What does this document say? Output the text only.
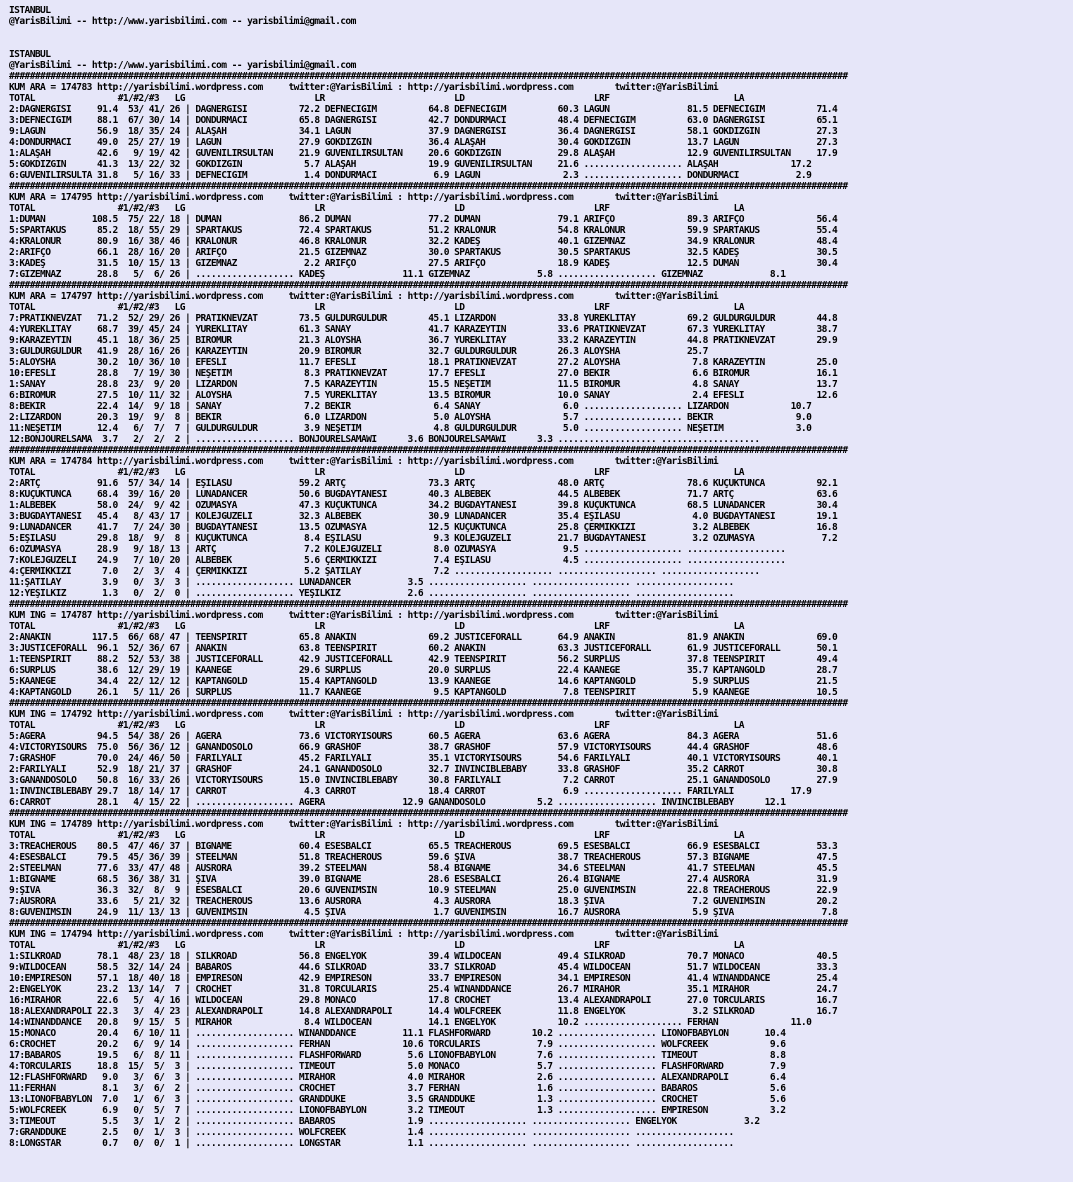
ISTANBUL
@YarisBilimi -- http://www.yarisbilimi.com -- yarisbilimi@gmail.com

ISTANBUL
@YarisBilimi -- http://www.yarisbilimi.com -- yarisbilimi@gmail.com
##################################################################################################################################################################
KUM ARA = 174783 http://yarisbilimi.wordpress.com     twitter:@YarisBilimi : http://yarisbilimi.wordpress.com        twitter:@YarisBilimi
TOTAL                #1/#2/#3   LG                         LR                         LD                         LRF                        LA
2:DAĞNERGİSİ     91.4  53/ 41/ 26 | DAĞNERGİSİ          72.2 DEFNECİĞİM          64.8 DEFNECİĞİM          60.3 LAGÜN               81.5 DEFNECİĞİM          71.4
3:DEFNECİĞİM     88.1  67/ 30/ 14 | DONDURMACI          65.8 DAĞNERGİSİ          42.7 DONDURMACI          48.4 DEFNECİĞİM          63.0 DAĞNERGİSİ          65.1
9:LAGÜN          56.9  18/ 35/ 24 | ALAŞAH              34.1 LAGÜN               37.9 DAĞNERGİSİ          36.4 DAĞNERGİSİ          58.1 GÖKDİZGİN           27.3
4:DONDURMACI     49.0  25/ 27/ 19 | LAGÜN               27.9 GÖKDİZGİN           36.4 ALAŞAH              30.4 GÖKDİZGİN           13.7 LAGÜN               27.3
1:ALAŞAH         42.6   9/ 19/ 42 | GÜVENİLİRSULTAN     21.9 GÜVENİLİRSULTAN     20.6 GÖKDİZGİN           29.8 ALAŞAH              12.9 GÜVENİLİRSULTAN     17.9
5:GÖKDİZGİN      41.3  13/ 22/ 32 | GÖKDİZGİN            5.7 ALAŞAH              19.9 GÜVENİLİRSULTAN     21.6 ................... ALAŞAH              17.2
6:GÜVENİLİRSULTA 31.8   5/ 16/ 33 | DEFNECİĞİM           1.4 DONDURMACI           6.9 LAGÜN                2.3 ................... DONDURMACI           2.9
##################################################################################################################################################################
KUM ARA = 174795 http://yarisbilimi.wordpress.com     twitter:@YarisBilimi : http://yarisbilimi.wordpress.com        twitter:@YarisBilimi
TOTAL                #1/#2/#3   LG                         LR                         LD                         LRF                        LA
1:DUMAN         108.5  75/ 22/ 18 | DUMAN               86.2 DUMAN               77.2 DUMAN               79.1 ARİFÇO              89.3 ARİFÇO              56.4
5:SPARTAKÜS      85.2  18/ 55/ 29 | SPARTAKÜS           72.4 SPARTAKÜS           51.2 KRALONUR            54.8 KRALONUR            59.9 SPARTAKÜS           55.4
4:KRALONUR       80.9  16/ 38/ 46 | KRALONUR            46.8 KRALONUR            32.2 KADEŞ               40.1 GİZEMNAZ            34.9 KRALONUR            48.4
2:ARİFÇO         66.1  28/ 16/ 20 | ARİFÇO              21.5 GİZEMNAZ            30.0 SPARTAKÜS           30.5 SPARTAKÜS           32.5 KADEŞ               30.5
3:KADEŞ          31.5  10/ 15/ 13 | GİZEMNAZ             2.2 ARİFÇO              27.5 ARİFÇO              18.9 KADEŞ               12.5 DUMAN               30.4
7:GİZEMNAZ       28.8   5/  6/ 26 | ................... KADEŞ               11.1 GİZEMNAZ             5.8 ................... GİZEMNAZ             8.1
##################################################################################################################################################################
KUM ARA = 174797 http://yarisbilimi.wordpress.com     twitter:@YarisBilimi : http://yarisbilimi.wordpress.com        twitter:@YarisBilimi
TOTAL                #1/#2/#3   LG                         LR                         LD                         LRF                        LA
7:PRATİKNEVZAT   71.2  52/ 29/ 26 | PRATİKNEVZAT        73.5 GÜLDÜRGÜLDÜR        45.1 LİZARDON            33.8 YÜREKLİTAY          69.2 GÜLDÜRGÜLDÜR        44.8
4:YÜREKLİTAY     68.7  39/ 45/ 24 | YÜREKLİTAY          61.3 SANAY               41.7 KARAZEYTİN          33.6 PRATİKNEVZAT        67.3 YÜREKLİTAY          38.7
9:KARAZEYTİN     45.1  18/ 36/ 25 | BİRÖMÜR             21.3 ALOYSHA             36.7 YÜREKLİTAY          33.2 KARAZEYTİN          44.8 PRATİKNEVZAT        29.9
3:GÜLDÜRGÜLDÜR   41.9  28/ 16/ 26 | KARAZEYTİN          20.9 BİRÖMÜR             32.7 GÜLDÜRGÜLDÜR        26.3 ALOYSHA             25.7
5:ALOYSHA        30.2  10/ 36/ 10 | EFESLİ              11.7 EFESLİ              18.1 PRATİKNEVZAT        27.2 ALOYSHA              7.8 KARAZEYTİN          25.0
10:EFESLİ        28.8   7/ 19/ 30 | NEŞETİM              8.3 PRATİKNEVZAT        17.7 EFESLİ              27.0 BEKİR                6.6 BİRÖMÜR             16.1
1:SANAY          28.8  23/  9/ 20 | LİZARDON             7.5 KARAZEYTİN          15.5 NEŞETİM             11.5 BİRÖMÜR              4.8 SANAY               13.7
6:BİRÖMÜR        27.5  10/ 11/ 32 | ALOYSHA              7.5 YÜREKLİTAY          13.5 BİRÖMÜR             10.0 SANAY                2.4 EFESLİ              12.6
8:BEKİR          22.4  14/  9/ 18 | SANAY                7.2 BEKİR                6.4 SANAY                6.0 ................... LİZARDON            10.7
2:LİZARDON       20.3  19/  9/  8 | BEKİR                6.0 LİZARDON             5.0 ALOYSHA              5.7 ................... BEKİR                9.0
11:NEŞETİM       12.4   6/  7/  7 | GÜLDÜRGÜLDÜR         3.9 NEŞETİM              4.8 GÜLDÜRGÜLDÜR         5.0 ................... NEŞETİM              3.0
12:BONJOURELSAMA  3.7   2/  2/  2 | ................... BONJOURELSAMAWİ      3.6 BONJOURELSAMAWİ      3.3 ................... ...................
##################################################################################################################################################################
KUM ARA = 174784 http://yarisbilimi.wordpress.com     twitter:@YarisBilimi : http://yarisbilimi.wordpress.com        twitter:@YarisBilimi
TOTAL                #1/#2/#3   LG                         LR                         LD                         LRF                        LA
2:ARTÇ           91.6  57/ 34/ 14 | EŞİLASU             59.2 ARTÇ                73.3 ARTÇ                48.0 ARTÇ                78.6 KÜÇÜKTUNCA          92.1
8:KÜÇÜKTUNCA     68.4  39/ 16/ 20 | LUNADANCER          50.6 BUĞDAYTANESİ        40.3 ALBEBEK             44.5 ALBEBEK             71.7 ARTÇ                63.6
1:ALBEBEK        58.0  24/  9/ 42 | ÖZÜMASYA            47.3 KÜÇÜKTUNCA          34.2 BUĞDAYTANESİ        39.8 KÜÇÜKTUNCA          68.5 LUNADANCER          30.4
3:BUĞDAYTANESİ   45.4   8/ 43/ 17 | KOLEJGÜZELİ         32.3 ALBEBEK             30.9 LUNADANCER          35.4 EŞİLASU              4.0 BUĞDAYTANESİ        19.1
9:LUNADANCER     41.7   7/ 24/ 30 | BUĞDAYTANESİ        13.5 ÖZÜMASYA            12.5 KÜÇÜKTUNCA          25.8 ÇERMİKKIZI           3.2 ALBEBEK             16.8
5:EŞİLASU        29.8  18/  9/  8 | KÜÇÜKTUNCA           8.4 EŞİLASU              9.3 KOLEJGÜZELİ         21.7 BUĞDAYTANESİ         3.2 ÖZÜMASYA             7.2
6:ÖZÜMASYA       28.9   9/ 18/ 13 | ARTÇ                 7.2 KOLEJGÜZELİ          8.0 ÖZÜMASYA             9.5 ................... ...................
7:KOLEJGÜZELİ    24.9   7/ 10/ 20 | ALBEBEK              5.6 ÇERMİKKIZI           7.4 EŞİLASU              4.5 ................... ...................
4:ÇERMİKKIZI      7.0   2/  3/  4 | ÇERMİKKIZI           5.2 ŞATILAY              7.2 ................... ................... ...................
11:ŞATILAY        3.9   0/  3/  3 | ................... LUNADANCER           3.5 ................... ................... ...................
12:YEŞİLKIZ       1.3   0/  2/  0 | ................... YEŞİLKIZ             2.6 ................... ................... ...................
##################################################################################################################################################################
KUM ING = 174787 http://yarisbilimi.wordpress.com     twitter:@YarisBilimi : http://yarisbilimi.wordpress.com        twitter:@YarisBilimi
TOTAL                #1/#2/#3   LG                         LR                         LD                         LRF                        LA
2:ANAKIN        117.5  66/ 68/ 47 | TEENSPIRIT          65.8 ANAKIN              69.2 JUSTICEFORALL       64.9 ANAKIN              81.9 ANAKIN              69.0
3:JUSTICEFORALL  96.1  52/ 36/ 67 | ANAKIN              63.8 TEENSPIRIT          60.2 ANAKIN              63.3 JUSTICEFORALL       61.9 JUSTICEFORALL       50.1
1:TEENSPIRIT     88.2  52/ 53/ 38 | JUSTICEFORALL       42.9 JUSTICEFORALL       42.9 TEENSPIRIT          56.2 SURPLUS             37.8 TEENSPIRIT          49.4
6:SURPLUS        38.6  12/ 29/ 19 | KAANEGE             29.6 SURPLUS             20.0 SURPLUS             22.4 KAANEGE             35.7 KAPTANGOLD          28.7
5:KAANEGE        34.4  22/ 12/ 12 | KAPTANGOLD          15.4 KAPTANGOLD          13.9 KAANEGE             14.6 KAPTANGOLD           5.9 SURPLUS             21.5
4:KAPTANGOLD     26.1   5/ 11/ 26 | SURPLUS             11.7 KAANEGE              9.5 KAPTANGOLD           7.8 TEENSPIRIT           5.9 KAANEGE             10.5
##################################################################################################################################################################
KUM ING = 174792 http://yarisbilimi.wordpress.com     twitter:@YarisBilimi : http://yarisbilimi.wordpress.com        twitter:@YarisBilimi
TOTAL                #1/#2/#3   LG                         LR                         LD                         LRF                        LA
5:AGERA          94.5  54/ 38/ 26 | AGERA               73.6 VICTORYISOURS       60.5 AGERA               63.6 AGERA               84.3 AGERA               51.6
4:VICTORYISOURS  75.0  56/ 36/ 12 | GANANDOSOLO         66.9 GRASHOF             38.7 GRASHOF             57.9 VICTORYISOURS       44.4 GRASHOF             48.6
7:GRASHOF        70.0  24/ 46/ 50 | FARİLYALİ           45.2 FARİLYALİ           35.1 VICTORYISOURS       54.6 FARİLYALİ           40.1 VICTORYISOURS       40.1
2:FARİLYALİ      52.9  18/ 21/ 37 | GRASHOF             24.1 GANANDOSOLO         32.7 INVINCIBLEBABY      33.8 GRASHOF             35.2 CARROT              30.8
3:GANANDOSOLO    50.8  16/ 33/ 26 | VICTORYISOURS       15.0 INVINCIBLEBABY      30.8 FARİLYALİ            7.2 CARROT              25.1 GANANDOSOLO         27.9
1:INVINCIBLEBABY 29.7  18/ 14/ 17 | CARROT               4.3 CARROT              18.4 CARROT               6.9 ................... FARİLYALİ           17.9
6:CARROT         28.1   4/ 15/ 22 | ................... AGERA               12.9 GANANDOSOLO          5.2 ................... INVINCIBLEBABY      12.1
##################################################################################################################################################################
KUM ING = 174789 http://yarisbilimi.wordpress.com     twitter:@YarisBilimi : http://yarisbilimi.wordpress.com        twitter:@YarisBilimi
TOTAL                #1/#2/#3   LG                         LR                         LD                         LRF                        LA
3:TREACHEROUS    80.5  47/ 46/ 37 | BIGNAME             60.4 ESESBALCI           65.5 TREACHEROUS         69.5 ESESBALCI           66.9 ESESBALCI           53.3
4:ESESBALCI      79.5  45/ 36/ 39 | STEELMAN            51.8 TREACHEROUS         59.6 ŞİVA                38.7 TREACHEROUS         57.3 BIGNAME             47.5
2:STEELMAN       77.6  33/ 47/ 48 | AUSRORA             39.2 STEELMAN            58.4 BIGNAME             34.6 STEELMAN            41.7 STEELMAN            45.5
1:BIGNAME        68.5  36/ 38/ 31 | ŞİVA                39.0 BIGNAME             28.6 ESESBALCI           26.4 BIGNAME             27.4 AUSRORA             31.9
9:ŞİVA           36.3  32/  8/  9 | ESESBALCI           20.6 GÜVENİMSİN          10.9 STEELMAN            25.0 GÜVENİMSİN          22.8 TREACHEROUS         22.9
7:AUSRORA        33.6   5/ 21/ 32 | TREACHEROUS         13.6 AUSRORA              4.3 AUSRORA             18.3 ŞİVA                 7.2 GÜVENİMSİN          20.2
8:GÜVENİMSİN     24.9  11/ 13/ 13 | GÜVENİMSİN           4.5 ŞİVA                 1.7 GÜVENİMSİN          16.7 AUSRORA              5.9 ŞİVA                 7.8
##################################################################################################################################################################
KUM ING = 174794 http://yarisbilimi.wordpress.com     twitter:@YarisBilimi : http://yarisbilimi.wordpress.com        twitter:@YarisBilimi
TOTAL                #1/#2/#3   LG                         LR                         LD                         LRF                        LA
1:SILKROAD       78.1  48/ 23/ 18 | SILKROAD            56.8 ENGELYOK            39.4 WILDOCEAN           49.4 SILKROAD            70.7 MONACO              40.5
9:WILDOCEAN      58.5  32/ 14/ 24 | BABAROS             44.6 SILKROAD            33.7 SILKROAD            45.4 WILDOCEAN           51.7 WILDOCEAN           33.3
10:EMPIRESON     57.1  18/ 40/ 18 | EMPIRESON           42.9 EMPIRESON           33.7 EMPIRESON           34.1 EMPIRESON           41.4 WINANDDANCE         25.4
2:ENGELYOK       23.2  13/ 14/  7 | CROCHET             31.8 TORCULARIS          25.4 WINANDDANCE         26.7 MİRAHOR             35.1 MİRAHOR             24.7
16:MİRAHOR       22.6   5/  4/ 16 | WILDOCEAN           29.8 MONACO              17.8 CROCHET             13.4 ALEXANDRAPOLİ       27.0 TORCULARIS          16.7
18:ALEXANDRAPOLİ 22.3   3/  4/ 23 | ALEXANDRAPOLİ       14.8 ALEXANDRAPOLİ       14.4 WOLFCREEK           11.8 ENGELYOK             3.2 SILKROAD            16.7
14:WINANDDANCE   20.8   9/ 15/  5 | MİRAHOR              8.4 WILDOCEAN           14.1 ENGELYOK            10.2 ................... FERHAN              11.0
15:MONACO        20.4   6/ 10/ 11 | ................... WINANDDANCE         11.1 FLASHFORWARD        10.2 ................... LİONOFBABYLON       10.4
6:CROCHET        20.2   6/  9/ 14 | ................... FERHAN              10.6 TORCULARIS           7.9 ................... WOLFCREEK            9.6
17:BABAROS       19.5   6/  8/ 11 | ................... FLASHFORWARD         5.6 LİONOFBABYLON        7.6 ................... TİMEOUT              8.8
4:TORCULARIS     18.8  15/  5/  3 | ................... TİMEOUT              5.0 MONACO               5.7 ................... FLASHFORWARD         7.9
12:FLASHFORWARD   9.0   3/  6/  3 | ................... MİRAHOR              4.0 MİRAHOR              2.6 ................... ALEXANDRAPOLİ        6.4
11:FERHAN         8.1   3/  6/  2 | ................... CROCHET              3.7 FERHAN               1.6 ................... BABAROS              5.6
13:LİONOFBABYLON  7.0   1/  6/  3 | ................... GRANDDUKE            3.5 GRANDDUKE            1.3 ................... CROCHET              5.6
5:WOLFCREEK       6.9   0/  5/  7 | ................... LİONOFBABYLON        3.2 TİMEOUT              1.3 ................... EMPIRESON            3.2
3:TİMEOUT         5.5   3/  1/  2 | ................... BABAROS              1.9 ................... ................... ENGELYOK             3.2
7:GRANDDUKE       2.5   0/  1/  3 | ................... WOLFCREEK            1.4 ................... ................... ...................
8:LONGSTAR        0.7   0/  0/  1 | ................... LONGSTAR             1.1 ................... ................... ...................
